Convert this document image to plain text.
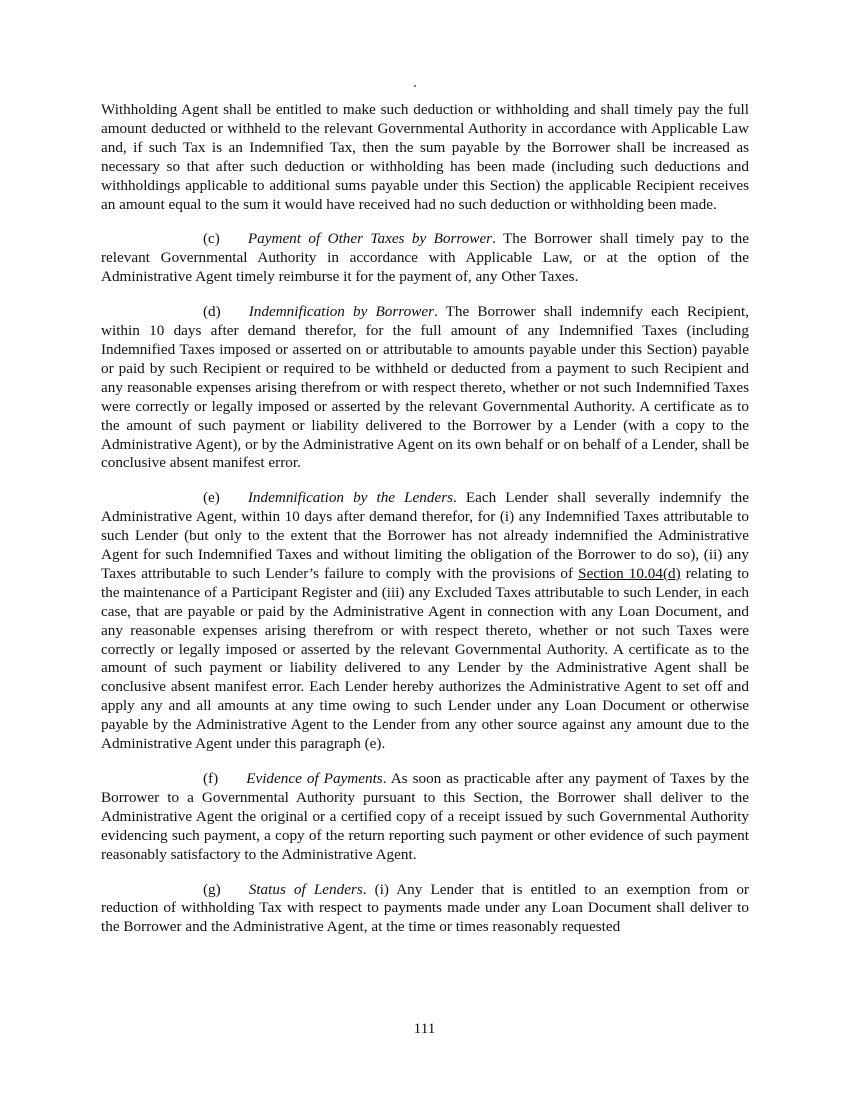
Withholding Agent shall be entitled to make such deduction or withholding and shall timely pay the full amount deducted or withheld to the relevant Governmental Authority in accordance with Applicable Law and, if such Tax is an Indemnified Tax, then the sum payable by the Borrower shall be increased as necessary so that after such deduction or withholding has been made (including such deductions and withholdings applicable to additional sums payable under this Section) the applicable Recipient receives an amount equal to the sum it would have received had no such deduction or withholding been made.

(c) Payment of Other Taxes by Borrower. The Borrower shall timely pay to the relevant Governmental Authority in accordance with Applicable Law, or at the option of the Administrative Agent timely reimburse it for the payment of, any Other Taxes.

(d) Indemnification by Borrower. The Borrower shall indemnify each Recipient, within 10 days after demand therefor, for the full amount of any Indemnified Taxes (including Indemnified Taxes imposed or asserted on or attributable to amounts payable under this Section) payable or paid by such Recipient or required to be withheld or deducted from a payment to such Recipient and any reasonable expenses arising therefrom or with respect thereto, whether or not such Indemnified Taxes were correctly or legally imposed or asserted by the relevant Governmental Authority. A certificate as to the amount of such payment or liability delivered to the Borrower by a Lender (with a copy to the Administrative Agent), or by the Administrative Agent on its own behalf or on behalf of a Lender, shall be conclusive absent manifest error.

(e) Indemnification by the Lenders. Each Lender shall severally indemnify the Administrative Agent, within 10 days after demand therefor, for (i) any Indemnified Taxes attributable to such Lender (but only to the extent that the Borrower has not already indemnified the Administrative Agent for such Indemnified Taxes and without limiting the obligation of the Borrower to do so), (ii) any Taxes attributable to such Lender’s failure to comply with the provisions of Section 10.04(d) relating to the maintenance of a Participant Register and (iii) any Excluded Taxes attributable to such Lender, in each case, that are payable or paid by the Administrative Agent in connection with any Loan Document, and any reasonable expenses arising therefrom or with respect thereto, whether or not such Taxes were correctly or legally imposed or asserted by the relevant Governmental Authority. A certificate as to the amount of such payment or liability delivered to any Lender by the Administrative Agent shall be conclusive absent manifest error. Each Lender hereby authorizes the Administrative Agent to set off and apply any and all amounts at any time owing to such Lender under any Loan Document or otherwise payable by the Administrative Agent to the Lender from any other source against any amount due to the Administrative Agent under this paragraph (e).

(f) Evidence of Payments. As soon as practicable after any payment of Taxes by the Borrower to a Governmental Authority pursuant to this Section, the Borrower shall deliver to the Administrative Agent the original or a certified copy of a receipt issued by such Governmental Authority evidencing such payment, a copy of the return reporting such payment or other evidence of such payment reasonably satisfactory to the Administrative Agent.

(g) Status of Lenders. (i) Any Lender that is entitled to an exemption from or reduction of withholding Tax with respect to payments made under any Loan Document shall deliver to the Borrower and the Administrative Agent, at the time or times reasonably requested

111
